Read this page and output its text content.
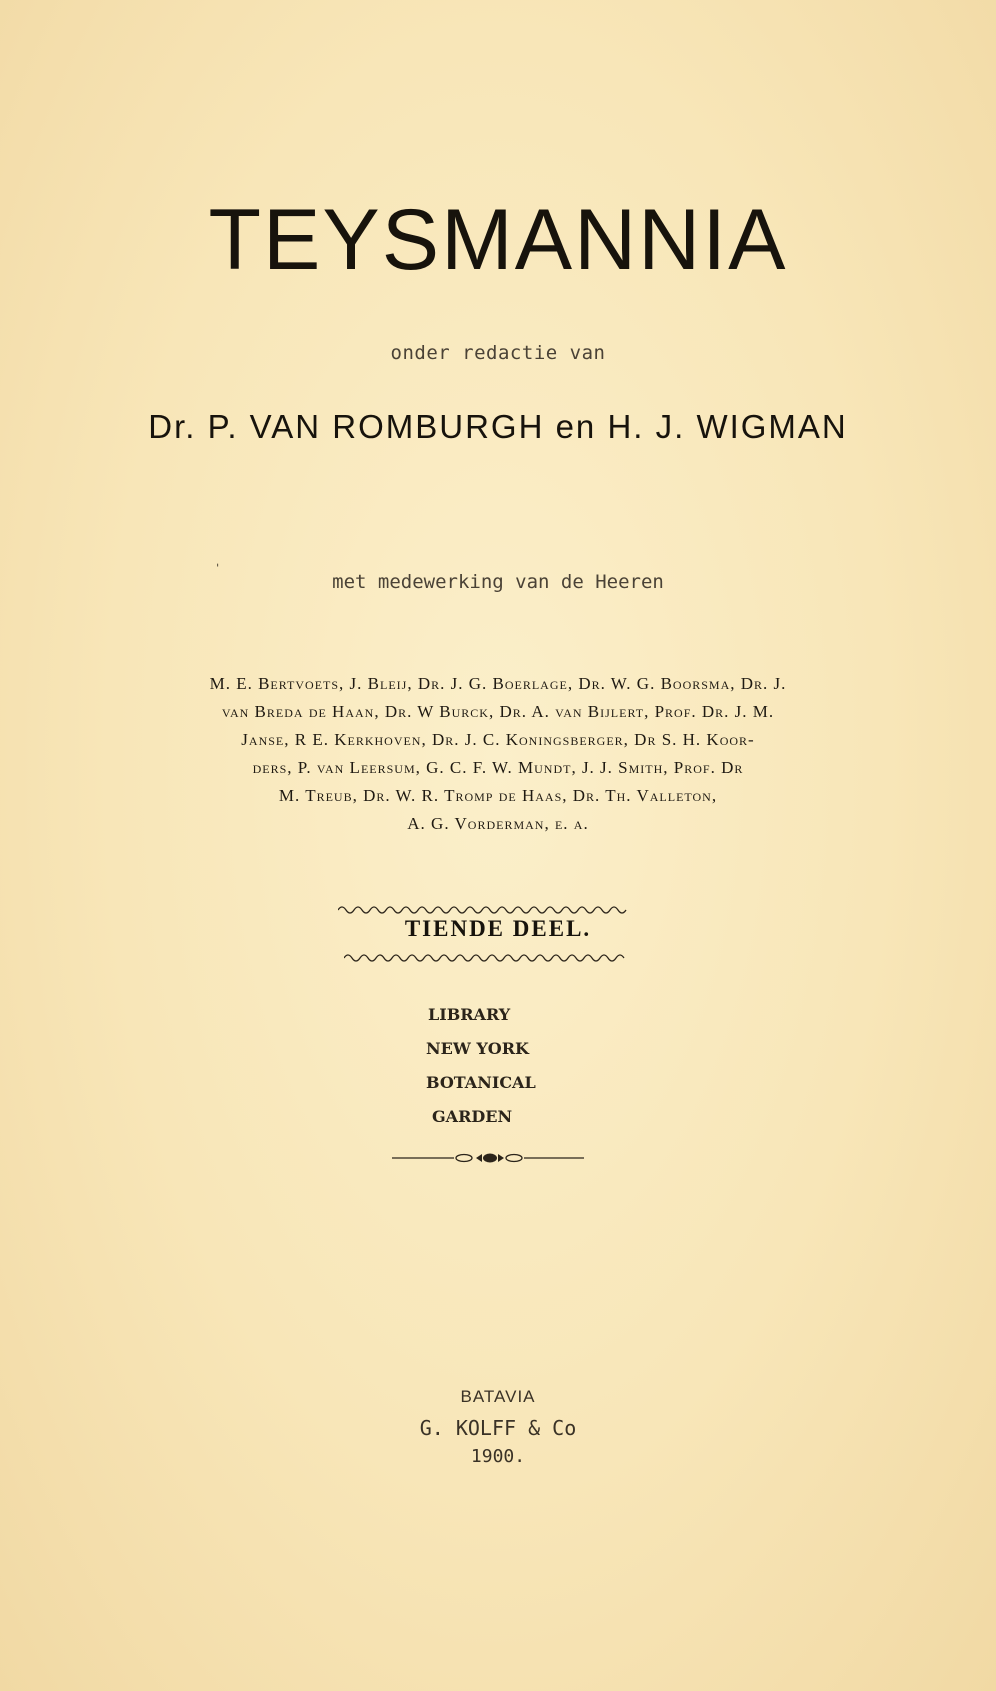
TEYSMANNIA
onder redactie van
Dr. P. VAN ROMBURGH en H. J. WIGMAN
ˌ
met medewerking van de Heeren
M. E. Bertvoets, J. Bleij, Dr. J. G. Boerlage, Dr. W. G. Boorsma, Dr. J.
van Breda de Haan, Dr. W Burck, Dr. A. van Bijlert, Prof. Dr. J. M.
Janse, R E. Kerkhoven, Dr. J. C. Koningsberger, Dr S. H. Koor-
ders, P. van Leersum, G. C. F. W. Mundt, J. J. Smith, Prof. Dr
M. Treub, Dr. W. R. Tromp de Haas, Dr. Th. Valleton,
A. G. Vorderman, e. a.
TIENDE DEEL.
LIBRARY
NEW YORK
BOTANICAL
GARDEN
BATAVIA
G. KOLFF & Co
1900.
